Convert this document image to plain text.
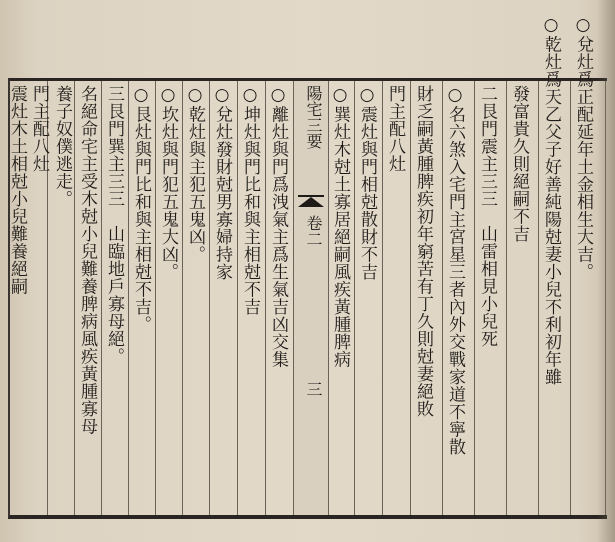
○兌灶爲正配延年土金相生大吉。
○乾灶爲天乙父子好善純陽尅妻小兒不利初年雖
發富貴久則絕嗣不吉
二艮門震主三三　山雷相見小兒死
○名六煞入宅門主宮星三者內外交戰家道不寧散
財乏嗣黃腫脾疾初年窮苦有丁久則尅妻絕敗
門主配八灶
○震灶與門相尅散財不吉
○巽灶木尅土寡居絕嗣風疾黃腫脾病
陽宅三要
卷二
三
○離灶與門爲洩氣主爲生氣吉凶交集
○坤灶與門比和與主相尅不吉
○兌灶發財尅男寡婦持家
○乾灶與主犯五鬼凶。
○坎灶與門犯五鬼大凶。
○艮灶與門比和與主相尅不吉。
三艮門巽主三三　山臨地戶寡母絕。
名絕命宅主受木尅小兒難養脾病風疾黃腫寡母
養子奴僕逃走。
門主配八灶
震灶木土相尅小兒難養絕嗣
